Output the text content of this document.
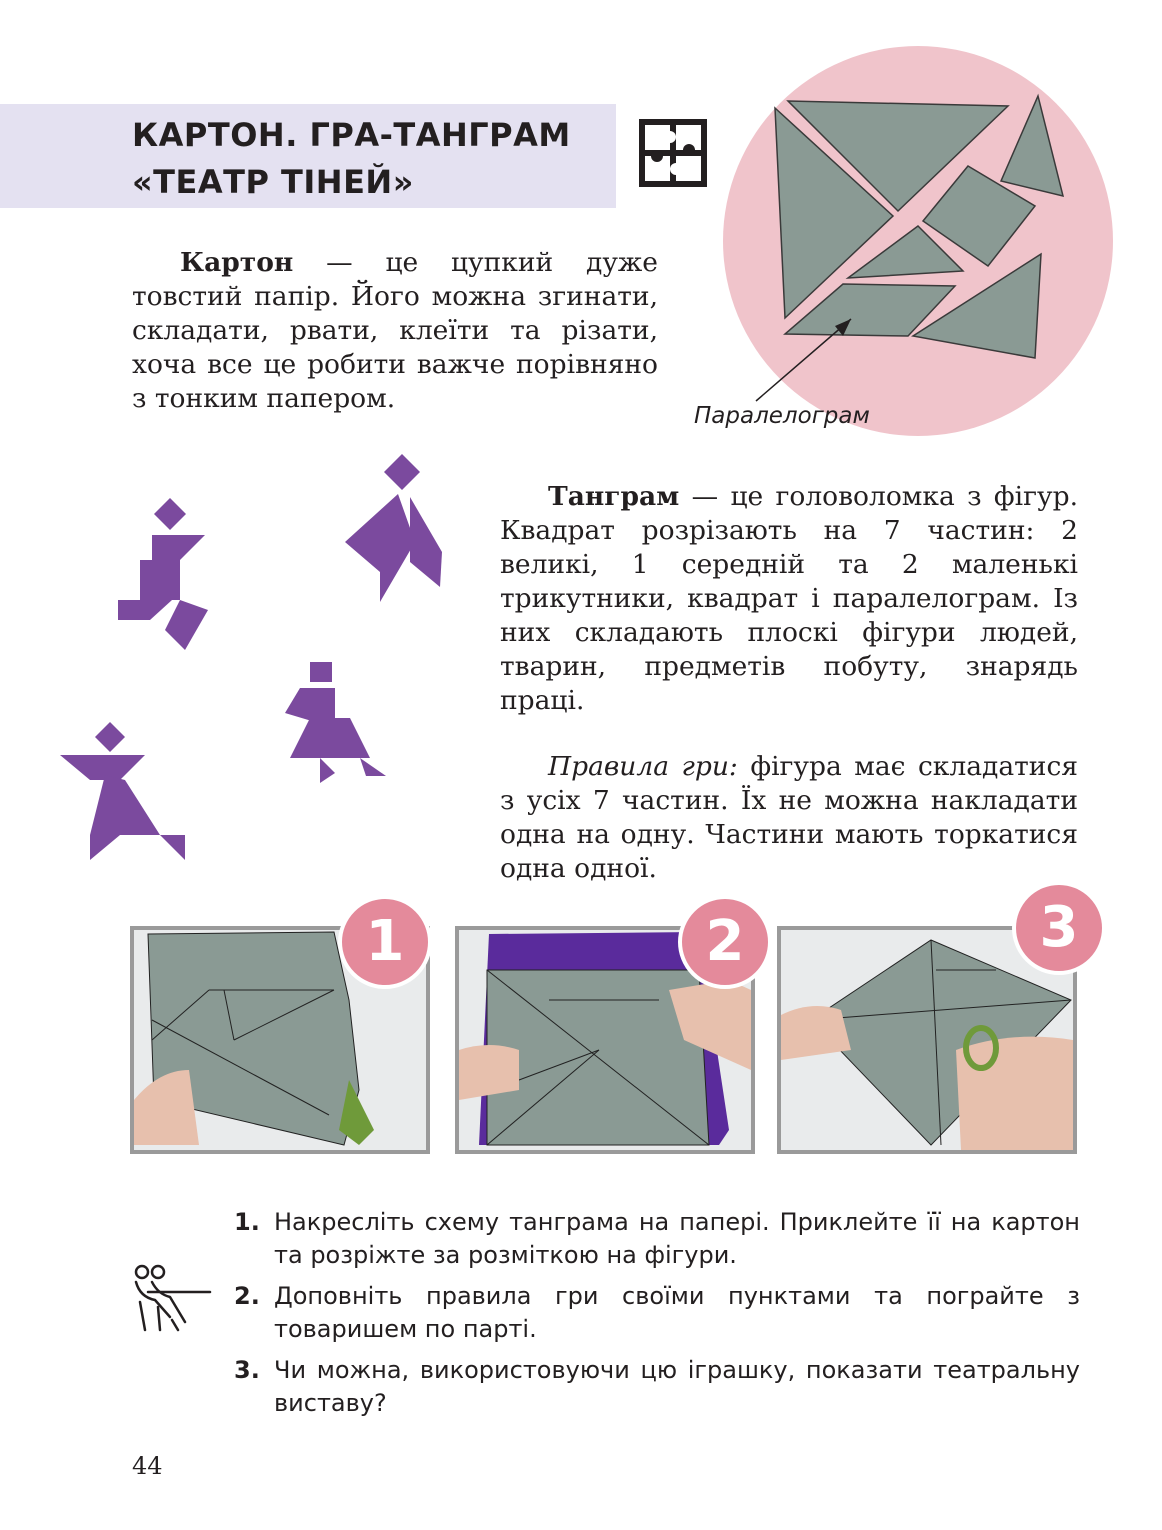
КАРТОН. ГРА-ТАНГРАМ
«ТЕАТР ТІНЕЙ»
Паралелограм

Картон — це цупкий дуже товстий папір. Його можна згинати, складати, рвати, клеїти та різати, хоча все це робити важче порівняно з тонким папером.

Танграм — це головоломка з фігур. Квадрат розрізають на 7 частин: 2 великі, 1 середній та 2 маленькі трикутники, квадрат і паралелограм. Із них складають плоскі фігури людей, тварин, предметів побуту, знарядь праці.

Правила гри: фігура має складатися з усіх 7 частин. Їх не можна накладати одна на одну. Частини мають торкатися одна одної.

1	2	3
1. Накресліть схему танграма на папері. Приклейте її на картон та розріжте за розміткою на фігури.
2. Доповніть правила гри своїми пунктами та пограйте з товаришем по парті.
3. Чи можна, використовуючи цю іграшку, показати театральну виставу?
44
